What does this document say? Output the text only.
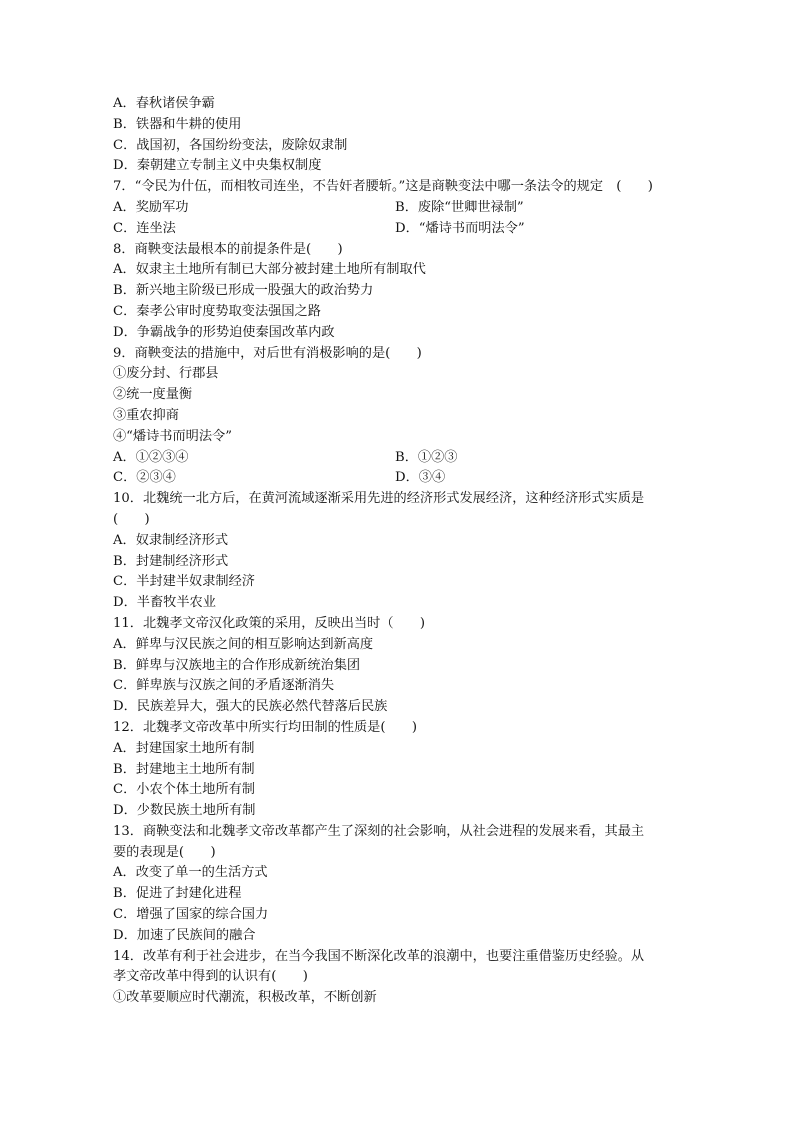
A．春秋诸侯争霸
B．铁器和牛耕的使用
C．战国初，各国纷纷变法，废除奴隶制
D．秦朝建立专制主义中央集权制度
7．“令民为什伍，而相牧司连坐，不告奸者腰斩。”这是商鞅变法中哪一条法令的规定　(　　)
A．奖励军功	B．废除“世卿世禄制”
C．连坐法	D．“燔诗书而明法令”
8．商鞅变法最根本的前提条件是(　　)
A．奴隶主土地所有制已大部分被封建土地所有制取代
B．新兴地主阶级已形成一股强大的政治势力
C．秦孝公审时度势取变法强国之路
D．争霸战争的形势迫使秦国改革内政
9．商鞅变法的措施中，对后世有消极影响的是(　　)
①废分封、行郡县
②统一度量衡
③重农抑商
④“燔诗书而明法令”
A．①②③④	B．①②③
C．②③④	D．③④
10．北魏统一北方后，在黄河流域逐渐采用先进的经济形式发展经济，这种经济形式实质是
(　　)
A．奴隶制经济形式
B．封建制经济形式
C．半封建半奴隶制经济
D．半畜牧半农业
11．北魏孝文帝汉化政策的采用，反映出当时（　　)
A．鲜卑与汉民族之间的相互影响达到新高度
B．鲜卑与汉族地主的合作形成新统治集团
C．鲜卑族与汉族之间的矛盾逐渐消失
D．民族差异大，强大的民族必然代替落后民族
12．北魏孝文帝改革中所实行均田制的性质是(　　)
A．封建国家土地所有制
B．封建地主土地所有制
C．小农个体土地所有制
D．少数民族土地所有制
13．商鞅变法和北魏孝文帝改革都产生了深刻的社会影响，从社会进程的发展来看，其最主
要的表现是(　　)
A．改变了单一的生活方式
B．促进了封建化进程
C．增强了国家的综合国力
D．加速了民族间的融合
14．改革有利于社会进步，在当今我国不断深化改革的浪潮中，也要注重借鉴历史经验。从
孝文帝改革中得到的认识有(　　)
①改革要顺应时代潮流，积极改革，不断创新
